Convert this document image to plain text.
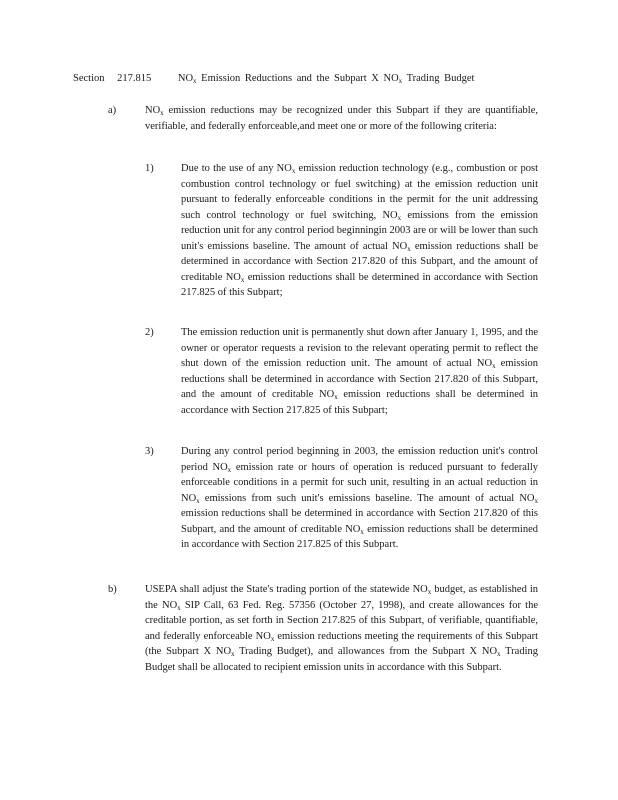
Section 217.815	$NO_x$ Emission Reductions and the Subpart X $NO_x$ Trading Budget
a)	$NO_x$ emission reductions may be recognized under this Subpart if they are quantifiable, verifiable, and federally enforceable,and meet one or more of the following criteria:
1)	Due to the use of any $NO_x$ emission reduction technology (e.g., combustion or post combustion control technology or fuel switching) at the emission reduction unit pursuant to federally enforceable conditions in the permit for the unit addressing such control technology or fuel switching, $NO_x$ emissions from the emission reduction unit for any control period beginningin 2003 are or will be lower than such unit's emissions baseline. The amount of actual $NO_x$ emission reductions shall be determined in accordance with Section 217.820 of this Subpart, and the amount of creditable $NO_x$ emission reductions shall be determined in accordance with Section 217.825 of this Subpart;
2)	The emission reduction unit is permanently shut down after January 1, 1995, and the owner or operator requests a revision to the relevant operating permit to reflect the shut down of the emission reduction unit. The amount of actual $NO_x$ emission reductions shall be determined in accordance with Section 217.820 of this Subpart, and the amount of creditable $NO_x$ emission reductions shall be determined in accordance with Section 217.825 of this Subpart;
3)	During any control period beginning in 2003, the emission reduction unit's control period $NO_x$ emission rate or hours of operation is reduced pursuant to federally enforceable conditions in a permit for such unit, resulting in an actual reduction in $NO_x$ emissions from such unit's emissions baseline. The amount of actual $NO_x$ emission reductions shall be determined in accordance with Section 217.820 of this Subpart, and the amount of creditable $NO_x$ emission reductions shall be determined in accordance with Section 217.825 of this Subpart.
b)	USEPA shall adjust the State's trading portion of the statewide $NO_x$ budget, as established in the $NO_x$ SIP Call, 63 Fed. Reg. 57356 (October 27, 1998), and create allowances for the creditable portion, as set forth in Section 217.825 of this Subpart, of verifiable, quantifiable, and federally enforceable $NO_x$ emission reductions meeting the requirements of this Subpart (the Subpart X $NO_x$ Trading Budget), and allowances from the Subpart X $NO_x$ Trading Budget shall be allocated to recipient emission units in accordance with this Subpart.
